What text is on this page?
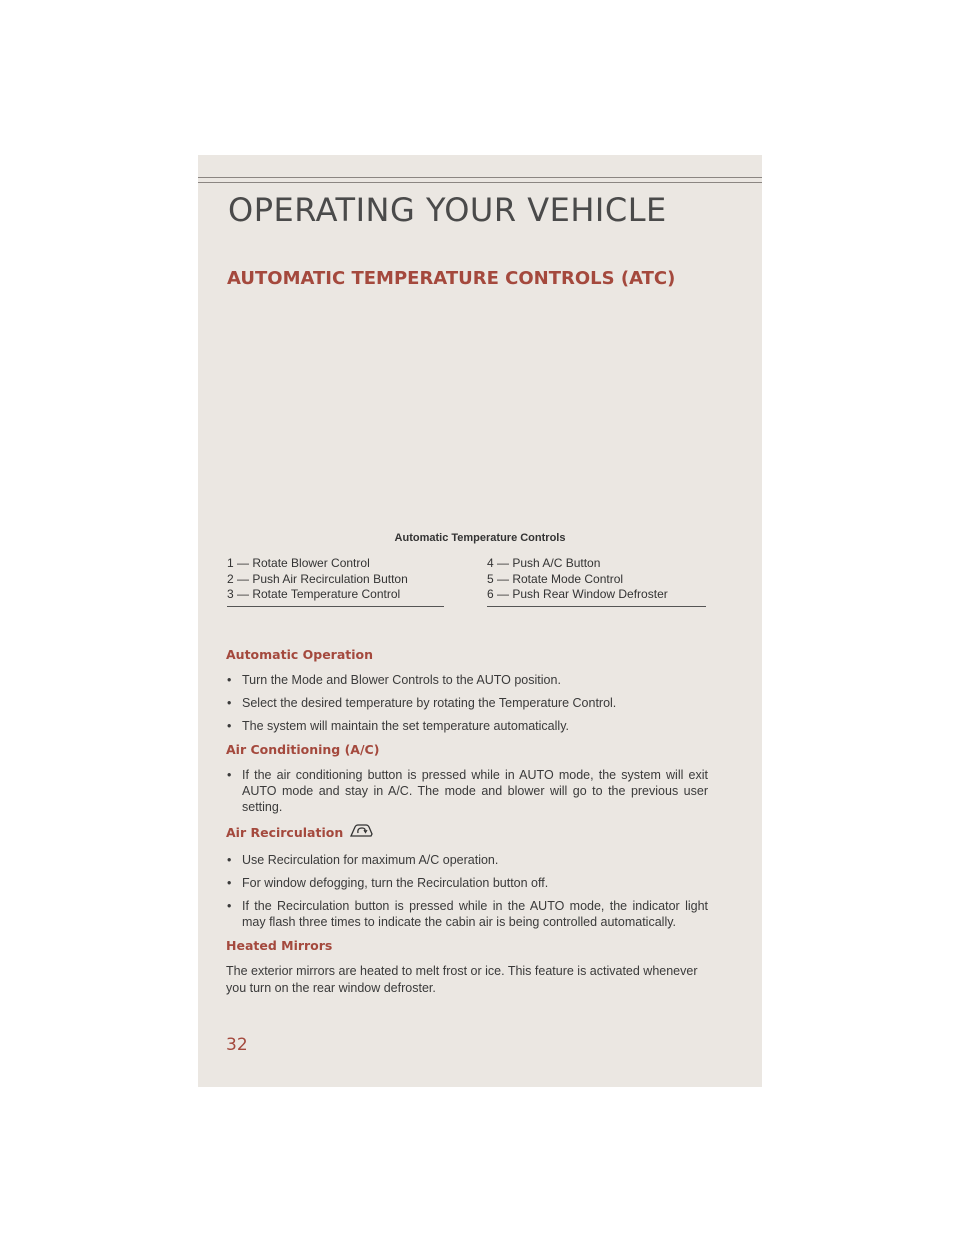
OPERATING YOUR VEHICLE
AUTOMATIC TEMPERATURE CONTROLS (ATC)
Automatic Temperature Controls
1 — Rotate Blower Control
2 — Push Air Recirculation Button
3 — Rotate Temperature Control
4 — Push A/C Button
5 — Rotate Mode Control
6 — Push Rear Window Defroster
Automatic Operation
• Turn the Mode and Blower Controls to the AUTO position.
• Select the desired temperature by rotating the Temperature Control.
• The system will maintain the set temperature automatically.
Air Conditioning (A/C)
• If the air conditioning button is pressed while in AUTO mode, the system will exit AUTO mode and stay in A/C. The mode and blower will go to the previous user setting.
Air Recirculation
• Use Recirculation for maximum A/C operation.
• For window defogging, turn the Recirculation button off.
• If the Recirculation button is pressed while in the AUTO mode, the indicator light may flash three times to indicate the cabin air is being controlled automatically.
Heated Mirrors

The exterior mirrors are heated to melt frost or ice. This feature is activated whenever you turn on the rear window defroster.

32
